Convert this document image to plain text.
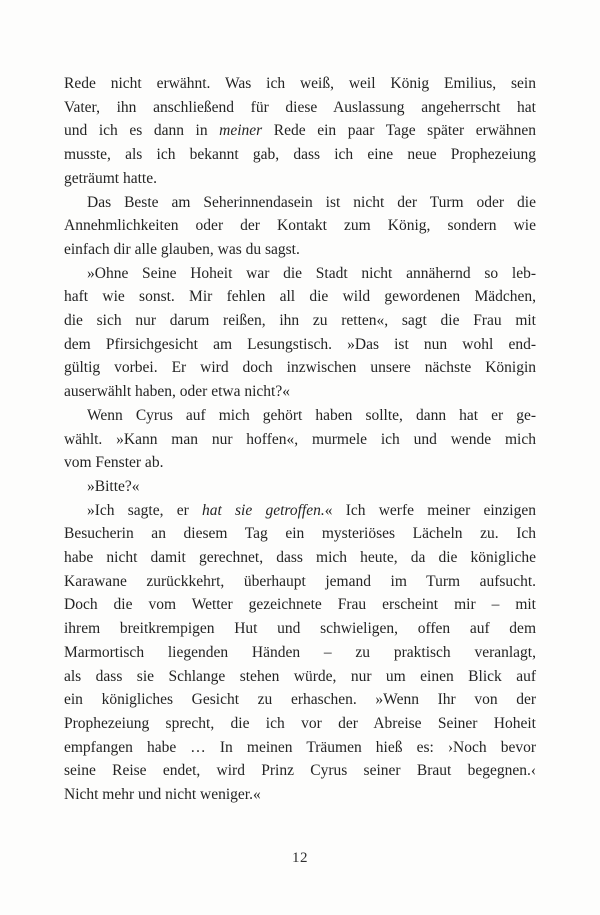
Rede nicht erwähnt. Was ich weiß, weil König Emilius, sein
Vater, ihn anschließend für diese Auslassung angeherrscht hat
und ich es dann in meiner Rede ein paar Tage später erwähnen
musste, als ich bekannt gab, dass ich eine neue Prophezeiung
geträumt hatte.
Das Beste am Seherinnendasein ist nicht der Turm oder die
Annehmlichkeiten oder der Kontakt zum König, sondern wie
einfach dir alle glauben, was du sagst.
»Ohne Seine Hoheit war die Stadt nicht annähernd so leb-
haft wie sonst. Mir fehlen all die wild gewordenen Mädchen,
die sich nur darum reißen, ihn zu retten«, sagt die Frau mit
dem Pfirsichgesicht am Lesungstisch. »Das ist nun wohl end-
gültig vorbei. Er wird doch inzwischen unsere nächste Königin
auserwählt haben, oder etwa nicht?«
Wenn Cyrus auf mich gehört haben sollte, dann hat er ge-
wählt. »Kann man nur hoffen«, murmele ich und wende mich
vom Fenster ab.
»Bitte?«
»Ich sagte, er hat sie getroffen.« Ich werfe meiner einzigen
Besucherin an diesem Tag ein mysteriöses Lächeln zu. Ich
habe nicht damit gerechnet, dass mich heute, da die königliche
Karawane zurückkehrt, überhaupt jemand im Turm aufsucht.
Doch die vom Wetter gezeichnete Frau erscheint mir – mit
ihrem breitkrempigen Hut und schwieligen, offen auf dem
Marmortisch liegenden Händen – zu praktisch veranlagt,
als dass sie Schlange stehen würde, nur um einen Blick auf
ein königliches Gesicht zu erhaschen. »Wenn Ihr von der
Prophezeiung sprecht, die ich vor der Abreise Seiner Hoheit
empfangen habe … In meinen Träumen hieß es: ›Noch bevor
seine Reise endet, wird Prinz Cyrus seiner Braut begegnen.‹
Nicht mehr und nicht weniger.«
12
